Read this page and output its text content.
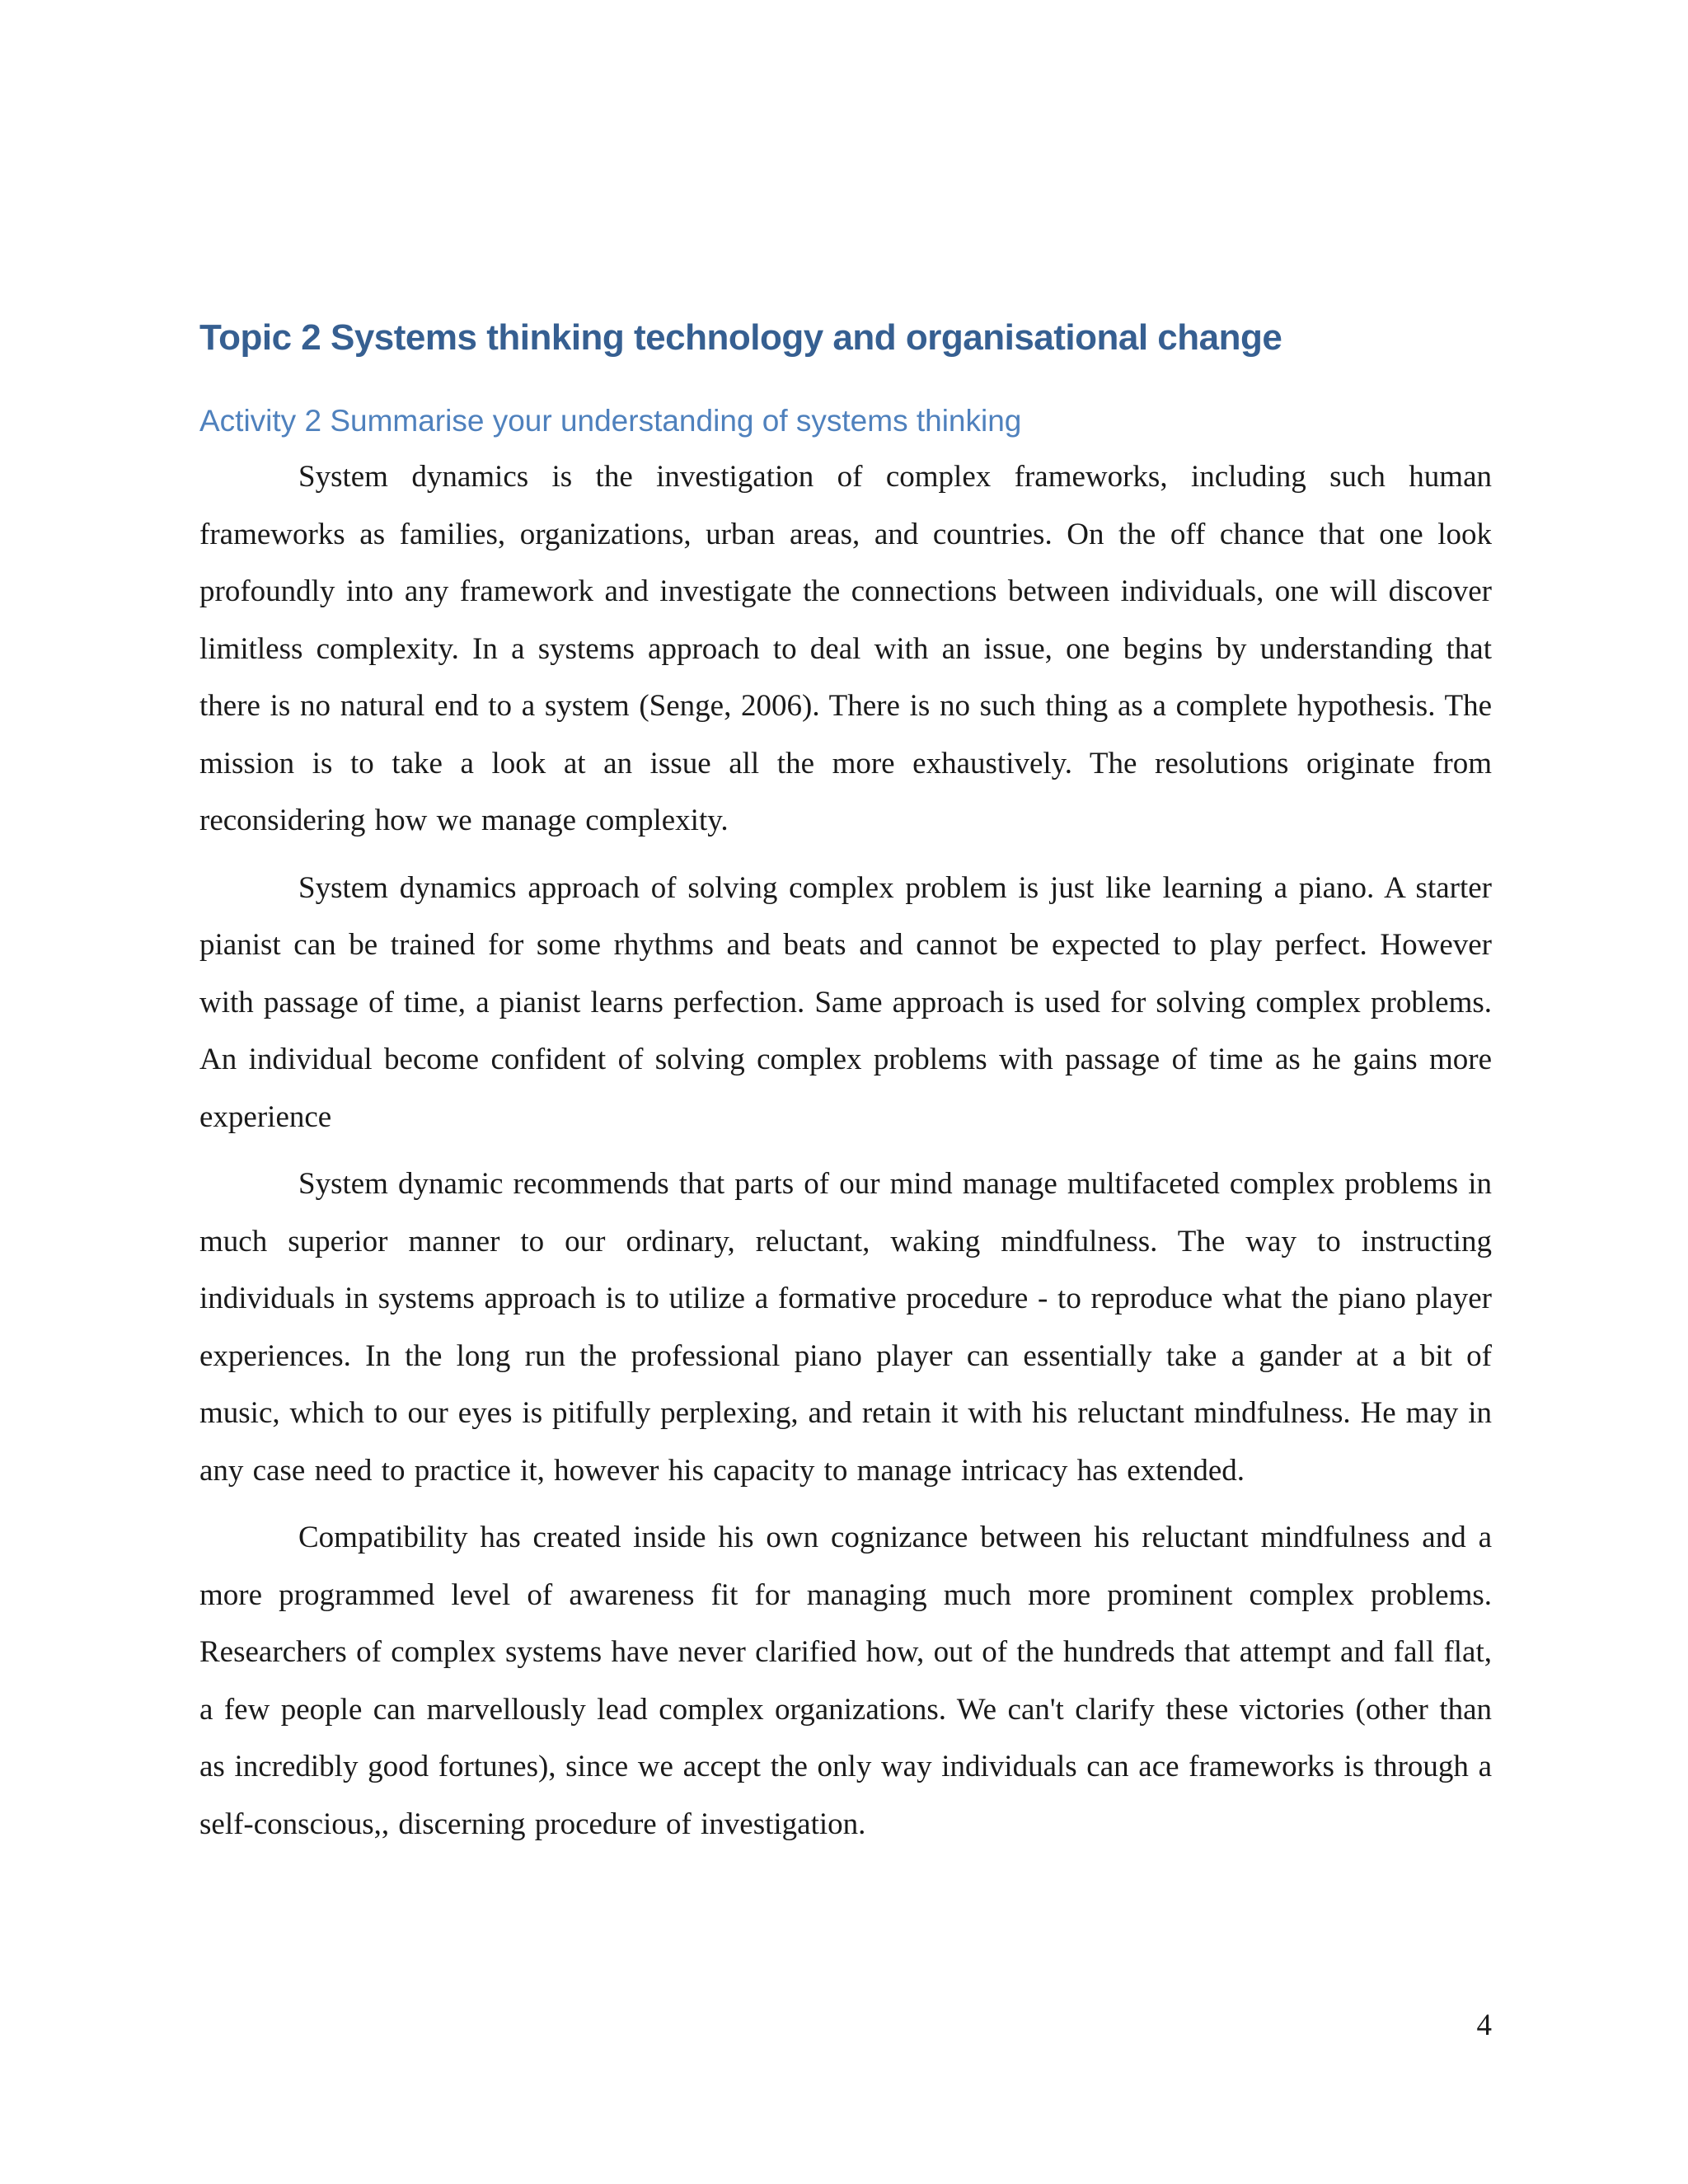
Topic 2 Systems thinking technology and organisational change
Activity 2 Summarise your understanding of systems thinking

System dynamics is the investigation of complex frameworks, including such human frameworks as families, organizations, urban areas, and countries. On the off chance that one look profoundly into any framework and investigate the connections between individuals, one will discover limitless complexity. In a systems approach to deal with an issue, one begins by understanding that there is no natural end to a system (Senge, 2006). There is no such thing as a complete hypothesis. The mission is to take a look at an issue all the more exhaustively. The resolutions originate from reconsidering how we manage complexity.

System dynamics approach of solving complex problem is just like learning a piano. A starter pianist can be trained for some rhythms and beats and cannot be expected to play perfect. However with passage of time, a pianist learns perfection. Same approach is used for solving complex problems. An individual become confident of solving complex problems with passage of time as he gains more experience

System dynamic recommends that parts of our mind manage multifaceted complex problems in much superior manner to our ordinary, reluctant, waking mindfulness. The way to instructing individuals in systems approach is to utilize a formative procedure - to reproduce what the piano player experiences. In the long run the professional piano player can essentially take a gander at a bit of music, which to our eyes is pitifully perplexing, and retain it with his reluctant mindfulness. He may in any case need to practice it, however his capacity to manage intricacy has extended.

Compatibility has created inside his own cognizance between his reluctant mindfulness and a more programmed level of awareness fit for managing much more prominent complex problems. Researchers of complex systems have never clarified how, out of the hundreds that attempt and fall flat, a few people can marvellously lead complex organizations. We can't clarify these victories (other than as incredibly good fortunes), since we accept the only way individuals can ace frameworks is through a self-conscious,, discerning procedure of investigation.

4
